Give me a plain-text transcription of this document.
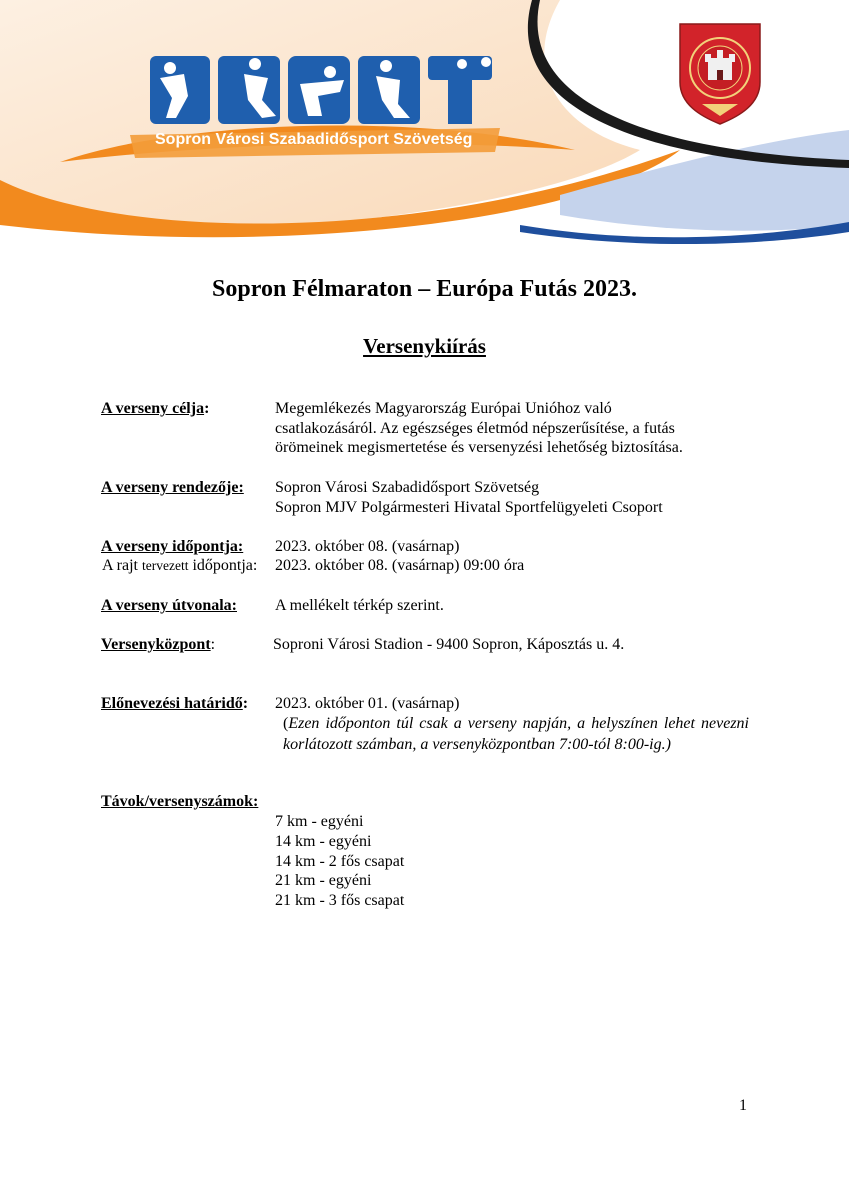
Sopron Városi Szabadidősport Szövetség
Sopron Félmaraton – Európa Futás 2023.
Versenykiírás
A verseny célja:	Megemlékezés Magyarország Európai Unióhoz való
csatlakozásáról. Az egészséges életmód népszerűsítése, a futás
örömeinek megismertetése és versenyzési lehetőség biztosítása.
A verseny rendezője: Sopron Városi Szabadidősport Szövetség
Sopron MJV Polgármesteri Hivatal Sportfelügyeleti Csoport
A verseny időpontja: 2023. október 08. (vasárnap)
A rajt tervezett időpontja: 2023. október 08. (vasárnap) 09:00 óra
A verseny útvonala: A mellékelt térkép szerint.
Versenyközpont:	Soproni Városi Stadion - 9400 Sopron, Káposztás u. 4.
Előnevezési határidő: 2023. október 01. (vasárnap)
(Ezen időponton túl csak a verseny napján, a helyszínen lehet nevezni korlátozott számban, a versenyközpontban 7:00-tól 8:00-ig.)
Távok/versenyszámok:
7 km - egyéni
14 km - egyéni
14 km - 2 fős csapat
21 km - egyéni
21 km - 3 fős csapat
1
